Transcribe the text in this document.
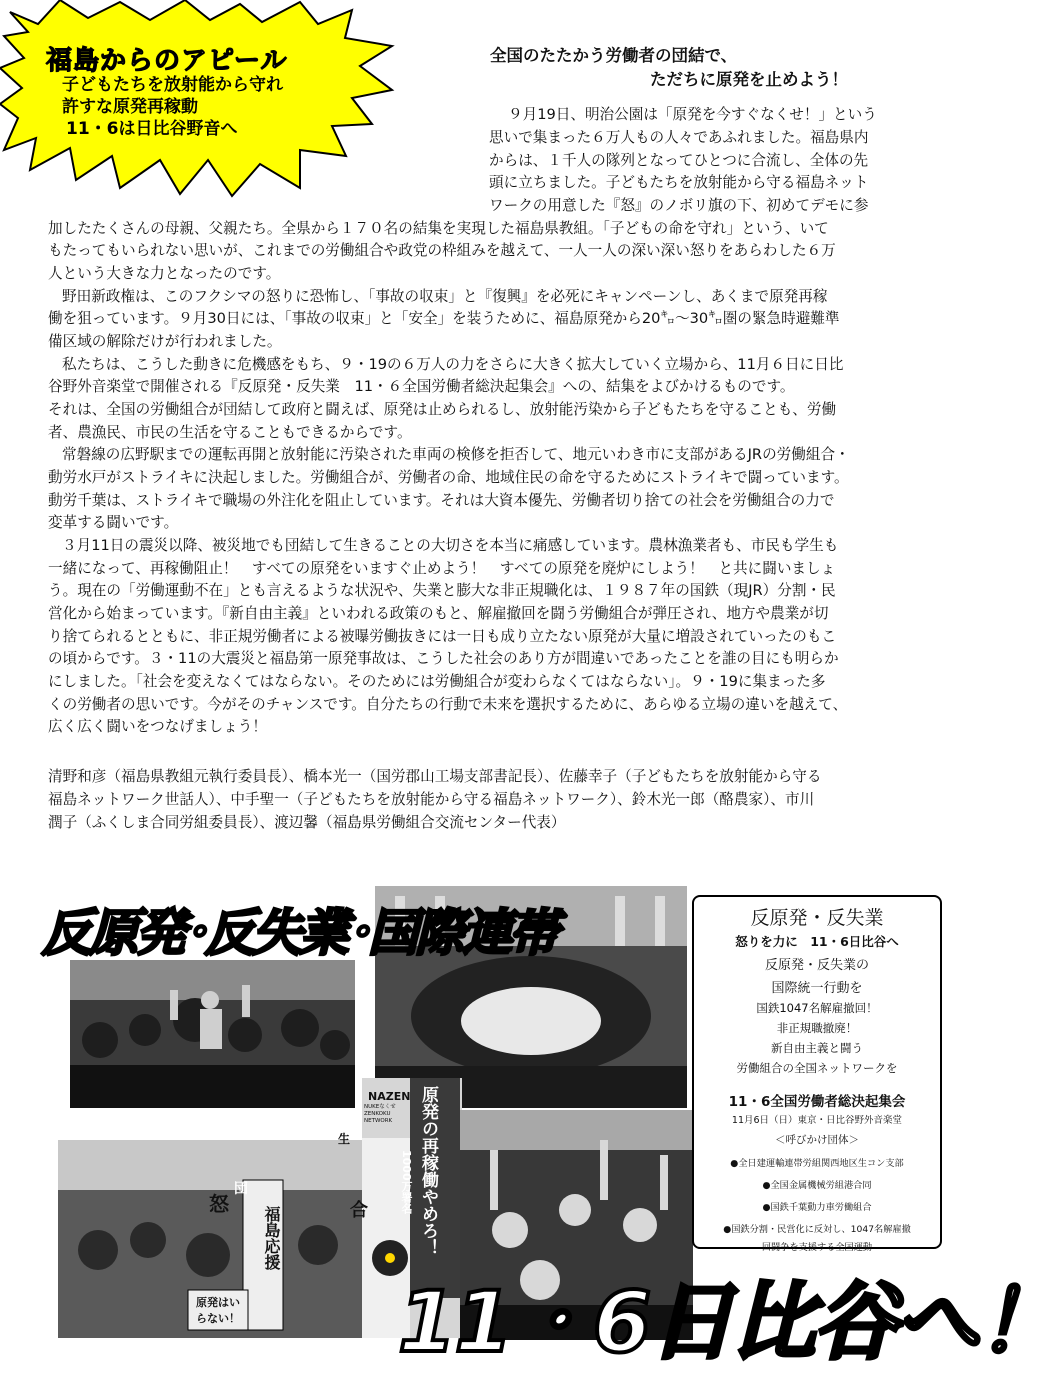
福島からのアピール
子どもたちを放射能から守れ
許すな原発再稼動
11・6は日比谷野音へ
全国のたたかう労働者の団結で、
ただちに原発を止めよう！
９月19日、明治公園は「原発を今すぐなくせ！」という
思いで集まった６万人もの人々であふれました。福島県内
からは、１千人の隊列となってひとつに合流し、全体の先
頭に立ちました。子どもたちを放射能から守る福島ネット
ワークの用意した『怒』のノボリ旗の下、初めてデモに参
加したたくさんの母親、父親たち。全県から１７０名の結集を実現した福島県教組。「子どもの命を守れ」という、いて
もたってもいられない思いが、これまでの労働組合や政党の枠組みを越えて、一人一人の深い深い怒りをあらわした６万
人という大きな力となったのです。
野田新政権は、このフクシマの怒りに恐怖し、「事故の収束」と『復興』を必死にキャンペーンし、あくまで原発再稼
働を狙っています。９月30日には、「事故の収束」と「安全」を装うために、福島原発から20㌔～30㌔圏の緊急時避難準
備区域の解除だけが行われました。
私たちは、こうした動きに危機感をもち、９・19の６万人の力をさらに大きく拡大していく立場から、11月６日に日比
谷野外音楽堂で開催される『反原発・反失業　11・６全国労働者総決起集会』への、結集をよびかけるものです。
それは、全国の労働組合が団結して政府と闘えば、原発は止められるし、放射能汚染から子どもたちを守ることも、労働
者、農漁民、市民の生活を守ることもできるからです。
常磐線の広野駅までの運転再開と放射能に汚染された車両の検修を拒否して、地元いわき市に支部があるJRの労働組合・
動労水戸がストライキに決起しました。労働組合が、労働者の命、地域住民の命を守るためにストライキで闘っています。
動労千葉は、ストライキで職場の外注化を阻止しています。それは大資本優先、労働者切り捨ての社会を労働組合の力で
変革する闘いです。
３月11日の震災以降、被災地でも団結して生きることの大切さを本当に痛感しています。農林漁業者も、市民も学生も
一緒になって、再稼働阻止！　すべての原発をいますぐ止めよう！　すべての原発を廃炉にしよう！　と共に闘いましょ
う。現在の「労働運動不在」とも言えるような状況や、失業と膨大な非正規職化は、１９８７年の国鉄（現JR）分割・民
営化から始まっています。『新自由主義』といわれる政策のもと、解雇撤回を闘う労働組合が弾圧され、地方や農業が切
り捨てられるとともに、非正規労働者による被曝労働抜きには一日も成り立たない原発が大量に増設されていったのもこ
の頃からです。３・11の大震災と福島第一原発事故は、こうした社会のあり方が間違いであったことを誰の目にも明らか
にしました。「社会を変えなくてはならない。そのためには労働組合が変わらなくてはならない」。９・19に集まった多
くの労働者の思いです。今がそのチャンスです。自分たちの行動で未来を選択するために、あらゆる立場の違いを越えて、
広く広く闘いをつなげましょう！
清野和彦（福島県教組元執行委員長）、橋本光一（国労郡山工場支部書記長）、佐藤幸子（子どもたちを放射能から守る
福島ネットワーク世話人）、中手聖一（子どもたちを放射能から守る福島ネットワーク）、鈴木光一郎（酪農家）、市川
潤子（ふくしま合同労組委員長）、渡辺馨（福島県労働組合交流センター代表）
怒
福島応援
原発はいらない！
団
生
NAZEN
NUKEなくせ ZENKOKU NETWORK	原発の再稼働やめろ！
1000万署名
合
反原発･反失業･国際連帯	反原発・反失業
怒りを力に　11・6日比谷へ
反原発・反失業の
国際統一行動を
国鉄1047名解雇撤回！
非正規職撤廃！
新自由主義と闘う
労働組合の全国ネットワークを
11・6全国労働者総決起集会
11月6日（日）東京・日比谷野外音楽堂
＜呼びかけ団体＞
●全日建運輸連帯労組関西地区生コン支部
●全国金属機械労組港合同
●国鉄千葉動力車労働組合
●国鉄分割・民営化に反対し、1047名解雇撤
回闘争を支援する全国運動
11・6日比谷へ！
